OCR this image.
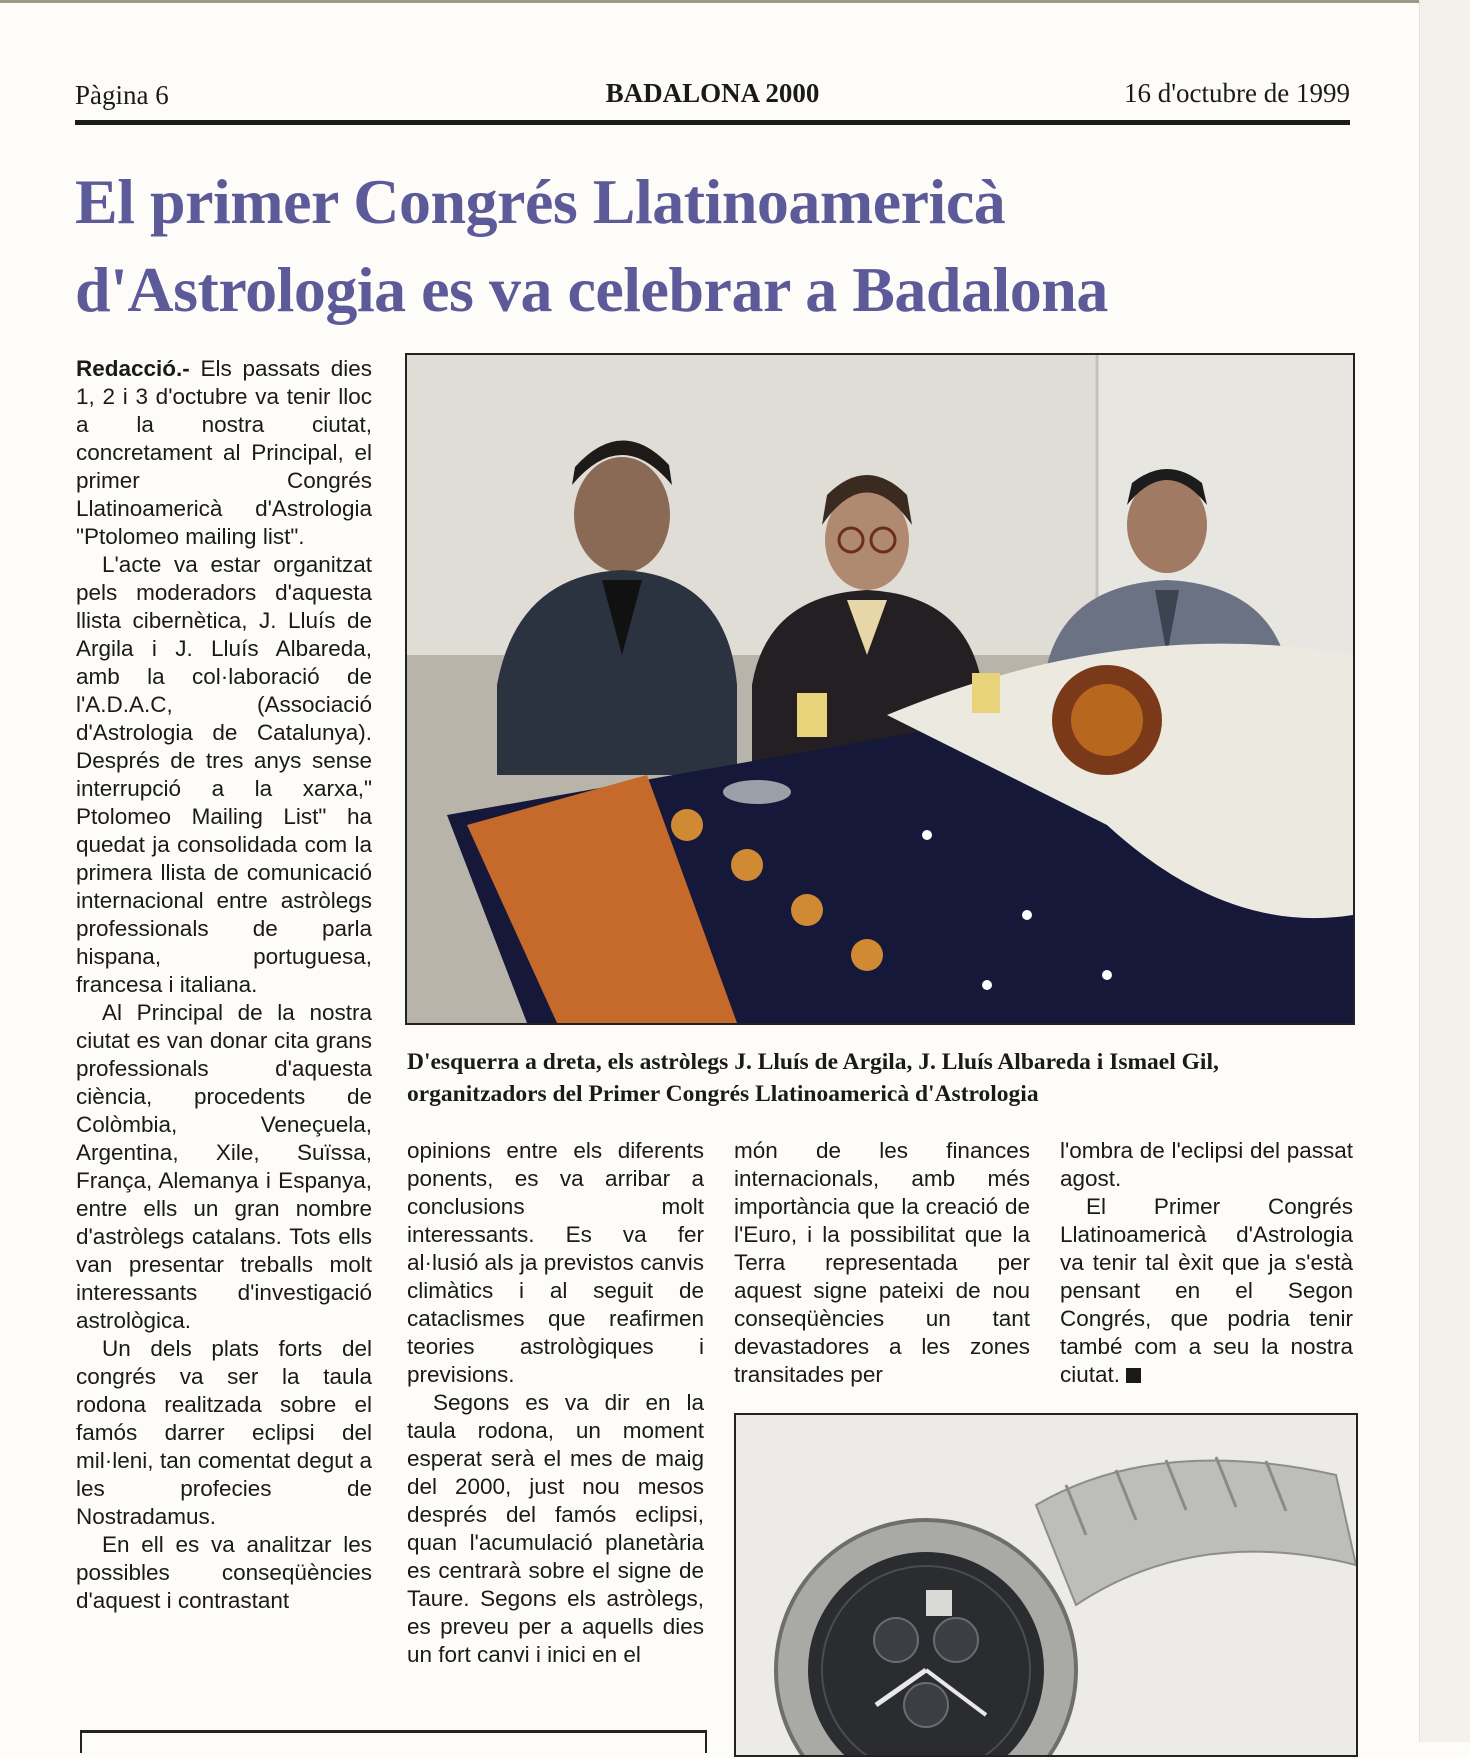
Pàgina 6	BADALONA 2000	16 d'octubre de 1999
El primer Congrés Llatinoamericà
d'Astrologia es va celebrar a Badalona

Redacció.- Els passats dies 1, 2 i 3 d'octubre va tenir lloc a la nostra ciutat, concretament al Principal, el primer Congrés Llatinoamericà d'Astrologia "Ptolomeo mailing list".

L'acte va estar organitzat pels moderadors d'aquesta llista cibernètica, J. Lluís de Argila i J. Lluís Albareda, amb la col·laboració de l'A.D.A.C, (Associació d'Astrologia de Catalunya). Després de tres anys sense interrupció a la xarxa," Ptolomeo Mailing List" ha quedat ja consolidada com la primera llista de comunicació internacional entre astròlegs professionals de parla hispana, portuguesa, francesa i italiana.

Al Principal de la nostra ciutat es van donar cita grans professionals d'aquesta ciència, procedents de Colòmbia, Veneçuela, Argentina, Xile, Suïssa, França, Alemanya i Espanya, entre ells un gran nombre d'astròlegs catalans. Tots ells van presentar treballs molt interessants d'investigació astrològica.

Un dels plats forts del congrés va ser la taula rodona realitzada sobre el famós darrer eclipsi del mil·leni, tan comentat degut a les profecies de Nostradamus.

En ell es va analitzar les possibles conseqüències d'aquest i contrastant

D'esquerra a dreta, els astròlegs J. Lluís de Argila, J. Lluís Albareda i Ismael Gil, organitzadors del Primer Congrés Llatinoamericà d'Astrologia

opinions entre els diferents ponents, es va arribar a conclusions molt interessants. Es va fer al·lusió als ja previstos canvis climàtics i al seguit de cataclismes que reafirmen teories astrològiques i previsions.

Segons es va dir en la taula rodona, un moment esperat serà el mes de maig del 2000, just nou mesos després del famós eclipsi, quan l'acumulació planetària es centrarà sobre el signe de Taure. Segons els astròlegs, es preveu per a aquells dies un fort canvi i inici en el

món de les finances internacionals, amb més importància que la creació de l'Euro, i la possibilitat que la Terra representada per aquest signe pateixi de nou conseqüències un tant devastadores a les zones transitades per

l'ombra de l'eclipsi del passat agost.

El Primer Congrés Llatinoamericà d'Astrologia va tenir tal èxit que ja s'està pensant en el Segon Congrés, que podria tenir també com a seu la nostra ciutat.
